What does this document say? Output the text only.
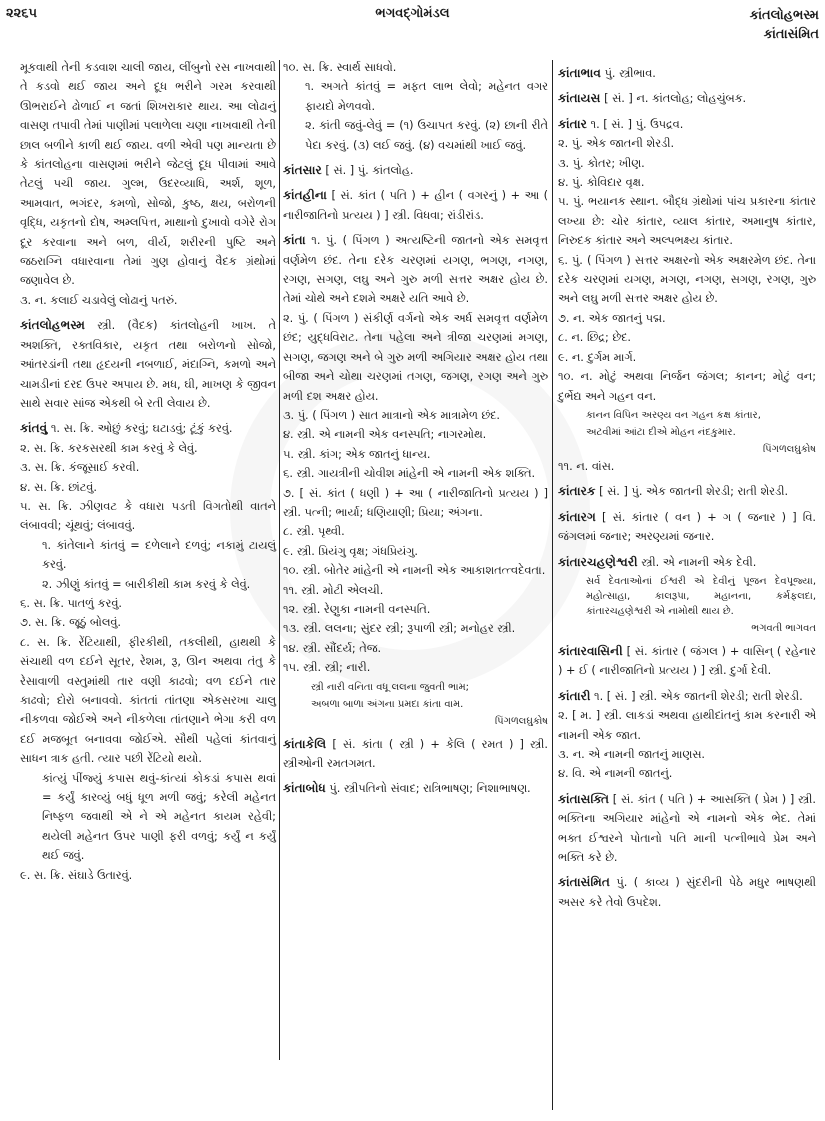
૨૨૬૫	ભગવદ્ગોમંડલ	કાંતલોહભસ્મ
કાંતાસંમિત
મૂકવાથી તેની કડવાશ ચાલી જાય, લીંબુનો રસ નાખવાથી તે કડવો થઈ જાય અને દૂધ ભરીને ગરમ કરવાથી ઊભરાઈને ઢોળાઈ ન જતાં શિખરાકાર થાય. આ લોઢાનું વાસણ તપાવી તેમાં પાણીમાં પલાળેલા ચણા નાખવાથી તેની છાલ બળીને કાળી થઈ જાય. વળી એવી પણ માન્યતા છે કે કાંતલોહના વાસણમાં ભરીને જેટલું દૂધ પીવામાં આવે તેટલું પચી જાય. ગુલ્મ, ઉદરવ્યાધિ, અર્શ, શૂળ, આમવાત, ભગંદર, કમળો, સોજો, કુષ્ઠ, ક્ષય, બરોળની વૃદ્ધિ, યકૃતનો દોષ, અમ્લપિત્ત, માથાનો દુખાવો વગેરે રોગ દૂર કરવાના અને બળ, વીર્ય, શરીરની પુષ્ટિ અને જઠરાગ્નિ વધારવાના તેમાં ગુણ હોવાનું વૈદક ગ્રંથોમાં જણાવેલ છે.
૩. ન. કલાઈ ચડાવેલું લોઢાનું પતરું.
કાંતલોહભસ્મ સ્ત્રી. (વૈદક) કાંતલોહની ખાખ. તે અશક્તિ, રક્તવિકાર, યકૃત તથા બરોળનો સોજો, આંતરડાંની તથા હૃદયની નબળાઈ, મંદાગ્નિ, કમળો અને ચામડીનાં દરદ ઉપર અપાય છે. મધ, ઘી, માખણ કે જીવન સાથે સવાર સાંજ એકથી બે રતી લેવાય છે.
કાંતવું ૧. સ. ક્રિ. ઓછું કરવું; ઘટાડવું; ટૂંકું કરવું.
૨. સ. ક્રિ. કરકસરથી કામ કરવું કે લેવું.
૩. સ. ક્રિ. કંજૂસાઈ કરવી.
૪. સ. ક્રિ. છાંટવું.
૫. સ. ક્રિ. ઝીણવટ કે વધારા પડતી વિગતોથી વાતને લંબાવવી; ચૂંથવું; લંબાવવું.
૧. કાંતેલાને કાંતવું = દળેલાને દળવું; નકામું ટાયલું કરવું.
૨. ઝીણું કાંતવું = બારીકીથી કામ કરવું કે લેવું.
૬. સ. ક્રિ. પાતળું કરવું.
૭. સ. ક્રિ. જૂઠું બોલવું.
૮. સ. ક્રિ. રેંટિયાથી, ફીરકીથી, તકલીથી, હાથથી કે સંચાથી વળ દઈને સૂતર, રેશમ, રૂ, ઊન અથવા તંતુ કે રેસાવાળી વસ્તુમાંથી તાર વણી કાઢવો; વળ દઈને તાર કાઢવો; દોરો બનાવવો. કાંતતાં તાંતણા એકસરખા ચાલુ નીકળવા જોઈએ અને નીકળેલા તાંતણાને ભેગા કરી વળ દઈ મજબૂત બનાવવા જોઈએ. સૌથી પહેલાં કાંતવાનું સાધન ત્રાક હતી. ત્યાર પછી રેંટિયો થયો.
કાંત્યું પીંજ્યું કપાસ થવું-કાંત્યાં કોકડાં કપાસ થવાં = કર્યું કારવ્યું બધું ધૂળ મળી જવું; કરેલી મહેનત નિષ્ફળ જવાથી એ ને એ મહેનત કાયમ રહેવી; થયેલી મહેનત ઉપર પાણી ફરી વળવું; કર્યું ન કર્યું થઈ જવું.
૯. સ. ક્રિ. સંઘાડે ઉતારવું.
૧૦. સ. ક્રિ. સ્વાર્થ સાધવો.
૧. અગતે કાંતવું = મફત લાભ લેવો; મહેનત વગર ફાયદો મેળવવો.
૨. કાંતી જવું-લેવું = (૧) ઉચાપત કરવું. (૨) છાની રીતે પેદા કરવું. (૩) લઈ જવું. (૪) વચમાંથી ખાઈ જવું.
કાંતસાર [ સં. ] પું. કાંતલોહ.
કાંતહીના [ સં. કાંત ( પતિ ) + હીન ( વગરનું ) + આ ( નારીજાતિનો પ્રત્યય ) ] સ્ત્રી. વિધવા; રાંડીરાંડ.
કાંતા ૧. પું. ( પિંગળ ) અત્યષ્ટિની જાતનો એક સમવૃત્ત વર્ણમેળ છંદ. તેના દરેક ચરણમાં યગણ, ભગણ, નગણ, રગણ, સગણ, લઘુ અને ગુરુ મળી સત્તર અક્ષર હોય છે. તેમાં ચોથે અને દશમે અક્ષરે યતિ આવે છે.
૨. પું. ( પિંગળ ) સંકીર્ણ વર્ગનો એક અર્ધ સમવૃત્ત વર્ણમેળ છંદ; યુદ્ધવિરાટ. તેના પહેલા અને ત્રીજા ચરણમાં મગણ, સગણ, જગણ અને બે ગુરુ મળી અગિયાર અક્ષર હોય તથા બીજા અને ચોથા ચરણમાં તગણ, જગણ, રગણ અને ગુરુ મળી દશ અક્ષર હોય.
૩. પું. ( પિંગળ ) સાત માત્રાનો એક માત્રામેળ છંદ.
૪. સ્ત્રી. એ નામની એક વનસ્પતિ; નાગરમોથ.
૫. સ્ત્રી. કાંગ; એક જાતનું ધાન્ય.
૬. સ્ત્રી. ગાયત્રીની ચોવીશ માંહેની એ નામની એક શક્તિ.
૭. [ સં. કાંત ( ધણી ) + આ ( નારીજાતિનો પ્રત્યય ) ] સ્ત્રી. પત્ની; ભાર્યા; ધણિયાણી; પ્રિયા; અંગના.
૮. સ્ત્રી. પૃથ્વી.
૯. સ્ત્રી. પ્રિયંગુ વૃક્ષ; ગંધપ્રિયંગુ.
૧૦. સ્ત્રી. બોતેર માંહેની એ નામની એક આકાશતત્ત્વદેવતા.
૧૧. સ્ત્રી. મોટી એલચી.
૧૨. સ્ત્રી. રેણુકા નામની વનસ્પતિ.
૧૩. સ્ત્રી. લલના; સુંદર સ્ત્રી; રૂપાળી સ્ત્રી; મનોહર સ્ત્રી.
૧૪. સ્ત્રી. સૌંદર્ય; તેજ.
૧૫. સ્ત્રી. સ્ત્રી; નારી.
સ્ત્રી નારી વનિતા વધૂ લલના જુવતી ભામ;
અબળા બાળા અંગના પ્રમદા કાંતા વામ.
પિંગળલઘુકોષ
કાંતાકેલિ [ સં. કાંતા ( સ્ત્રી ) + કેલિ ( રમત ) ] સ્ત્રી. સ્ત્રીઓની રમતગમત.
કાંતાબોધ પું. સ્ત્રીપતિનો સંવાદ; રાત્રિભાષણ; નિશાભાષણ.
કાંતાભાવ પું. સ્ત્રીભાવ.
કાંતાયસ [ સં. ] ન. કાંતલોહ; લોહચુંબક.
કાંતાર ૧. [ સં. ] પું. ઉપદ્રવ.
૨. પું. એક જાતની શેરડી.
૩. પું. કોતર; ખીણ.
૪. પું. કોવિદાર વૃક્ષ.
૫. પું. ભયાનક સ્થાન. બૌદ્ધ ગ્રંથોમાં પાંચ પ્રકારના કાંતાર લખ્યા છે: ચોર કાંતાર, વ્યાલ કાંતાર, અમાનુષ કાંતાર, નિરુદક કાંતાર અને અલ્પભક્ષ્ય કાંતાર.
૬. પું. ( પિંગળ ) સત્તર અક્ષરનો એક અક્ષરમેળ છંદ. તેના દરેક ચરણમાં યગણ, મગણ, નગણ, સગણ, રગણ, ગુરુ અને લઘુ મળી સત્તર અક્ષર હોય છે.
૭. ન. એક જાતનું પદ્મ.
૮. ન. છિદ્ર; છેદ.
૯. ન. દુર્ગમ માર્ગ.
૧૦. ન. મોટું અથવા નિર્જન જંગલ; કાનન; મોટું વન; દુર્ભેદ્ય અને ગહન વન.
કાનન વિપિન અરણ્ય વન ગહન કક્ષ કાંતાર,
અટવીમાં આંટા દીએ મોહન નંદકુમાર.
પિંગળલઘુકોષ
૧૧. ન. વાંસ.
કાંતારક [ સં. ] પું. એક જાતની શેરડી; રાતી શેરડી.
કાંતારગ [ સં. કાંતાર ( વન ) + ગ ( જનાર ) ] વિ. જંગલમાં જનાર; અરણ્યમાં જનાર.
કાંતારચહણેશ્વરી સ્ત્રી. એ નામની એક દેવી.
સર્વ દેવતાઓનાં ઈશ્વરી એ દેવીનું પૂજન દેવપૂજ્યા, મહોત્સાહા, કાલરૂપા, મહાનના, કર્મફલદા, કાંતારચહણેશ્વરી એ નામોથી થાય છે.
ભગવતી ભાગવત
કાંતારવાસિની [ સં. કાંતાર ( જંગલ ) + વાસિન્ ( રહેનાર ) + ઈ ( નારીજાતિનો પ્રત્યય ) ] સ્ત્રી. દુર્ગા દેવી.
કાંતારી ૧. [ સં. ] સ્ત્રી. એક જાતની શેરડી; રાતી શેરડી.
૨. [ મ. ] સ્ત્રી. લાકડાં અથવા હાથીદાંતનું કામ કરનારી એ નામની એક જાત.
૩. ન. એ નામની જાતનું માણસ.
૪. વિ. એ નામની જાતનું.
કાંતાસક્તિ [ સં. કાંત ( પતિ ) + આસક્તિ ( પ્રેમ ) ] સ્ત્રી. ભક્તિના અગિયાર માંહેનો એ નામનો એક ભેદ. તેમાં ભક્ત ઈશ્વરને પોતાનો પતિ માની પત્નીભાવે પ્રેમ અને ભક્તિ કરે છે.
કાંતાસંમિત પું. ( કાવ્ય ) સુંદરીની પેઠે મધુર ભાષણથી અસર કરે તેવો ઉપદેશ.
